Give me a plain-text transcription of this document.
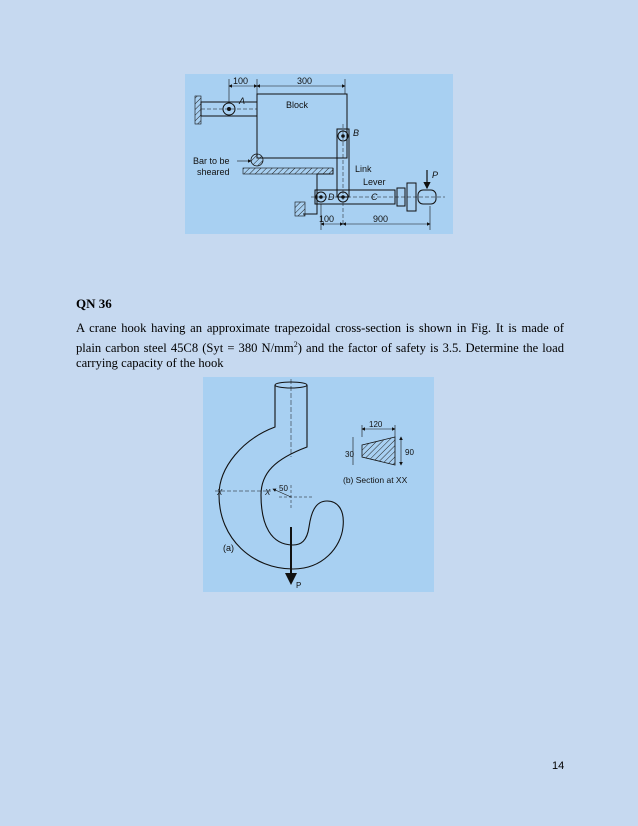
100	300
A	Block
B
Bar to be
sheared	Link
Lever
D	C
P
100	900
QN 36
A crane hook having an approximate trapezoidal cross-section is shown in Fig. It is made of plain carbon steel 45C8 (Syt = 380 $N/mm^2$) and the factor of safety is 3.5. Determine the load carrying capacity of the hook
50
X	X
P
(a)
120
30	90
(b) Section at XX
14
